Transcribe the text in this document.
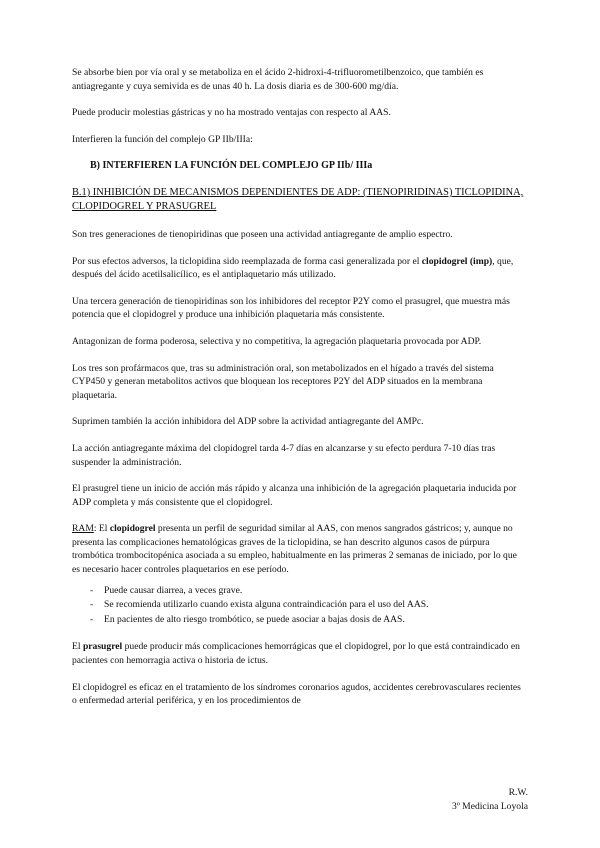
Se absorbe bien por vía oral y se metaboliza en el ácido 2-hidroxi-4-trifluorometilbenzoico, que también es antiagregante y cuya semivida es de unas 40 h. La dosis diaria es de 300-600 mg/día.

Puede producir molestias gástricas y no ha mostrado ventajas con respecto al AAS.

Interfieren la función del complejo GP IIb/IIIa:

B) INTERFIEREN LA FUNCIÓN DEL COMPLEJO GP IIb/ IIIa
B.1) INHIBICIÓN DE MECANISMOS DEPENDIENTES DE ADP: (TIENOPIRIDINAS) TICLOPIDINA, CLOPIDOGREL Y PRASUGREL

Son tres generaciones de tienopiridinas que poseen una actividad antiagregante de amplio espectro.

Por sus efectos adversos, la ticlopidina sido reemplazada de forma casi generalizada por el clopidogrel (imp), que, después del ácido acetilsalicílico, es el antiplaquetario más utilizado.

Una tercera generación de tienopiridinas son los inhibidores del receptor P2Y como el prasugrel, que muestra más potencia que el clopidogrel y produce una inhibición plaquetaria más consistente.

Antagonizan de forma poderosa, selectiva y no competitiva, la agregación plaquetaria provocada por ADP.

Los tres son profármacos que, tras su administración oral, son metabolizados en el hígado a través del sistema CYP450 y generan metabolitos activos que bloquean los receptores P2Y del ADP situados en la membrana plaquetaria.

Suprimen también la acción inhibidora del ADP sobre la actividad antiagregante del AMPc.

La acción antiagregante máxima del clopidogrel tarda 4-7 días en alcanzarse y su efecto perdura 7-10 días tras suspender la administración.

El prasugrel tiene un inicio de acción más rápido y alcanza una inhibición de la agregación plaquetaria inducida por ADP completa y más consistente que el clopidogrel.

RAM: El clopidogrel presenta un perfil de seguridad similar al AAS, con menos sangrados gástricos; y, aunque no presenta las complicaciones hematológicas graves de la ticlopidina, se han descrito algunos casos de púrpura trombótica trombocitopénica asociada a su empleo, habitualmente en las primeras 2 semanas de iniciado, por lo que es necesario hacer controles plaquetarios en ese período.

- Puede causar diarrea, a veces grave.
- Se recomienda utilizarlo cuando exista alguna contraindicación para el uso del AAS.
- En pacientes de alto riesgo trombótico, se puede asociar a bajas dosis de AAS.

El prasugrel puede producir más complicaciones hemorrágicas que el clopidogrel, por lo que está contraindicado en pacientes con hemorragia activa o historia de ictus.

El clopidogrel es eficaz en el tratamiento de los síndromes coronarios agudos, accidentes cerebrovasculares recientes o enfermedad arterial periférica, y en los procedimientos de

R.W.
3º Medicina Loyola
